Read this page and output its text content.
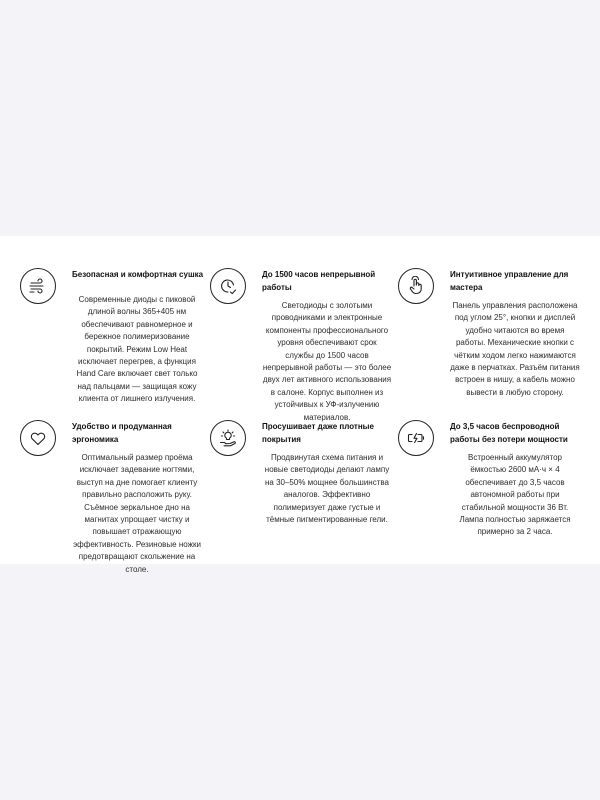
Безопасная и комфортная сушка
Современные диоды с пиковой длиной волны 365+405 нм обеспечивают равномерное и бережное полимеризование покрытий. Режим Low Heat исключает перегрев, а функция Hand Care включает свет только над пальцами — защищая кожу клиента от лишнего излучения.
До 1500 часов непрерывной работы
Светодиоды с золотыми проводниками и электронные компоненты профессионального уровня обеспечивают срок службы до 1500 часов непрерывной работы — это более двух лет активного использования в салоне. Корпус выполнен из устойчивых к УФ-излучению материалов.
Интуитивное управление для мастера
Панель управления расположена под углом 25°, кнопки и дисплей удобно читаются во время работы. Механические кнопки с чётким ходом легко нажимаются даже в перчатках. Разъём питания встроен в нишу, а кабель можно вывести в любую сторону.
Удобство и продуманная эргономика
Оптимальный размер проёма исключает задевание ногтями, выступ на дне помогает клиенту правильно расположить руку. Съёмное зеркальное дно на магнитах упрощает чистку и повышает отражающую эффективность. Резиновые ножки предотвращают скольжение на столе.
Просушивает даже плотные покрытия
Продвинутая схема питания и новые светодиоды делают лампу на 30–50% мощнее большинства аналогов. Эффективно полимеризует даже густые и тёмные пигментированные гели.
До 3,5 часов беспроводной работы без потери мощности
Встроенный аккумулятор ёмкостью 2600 мА·ч × 4 обеспечивает до 3,5 часов автономной работы при стабильной мощности 36 Вт. Лампа полностью заряжается примерно за 2 часа.
